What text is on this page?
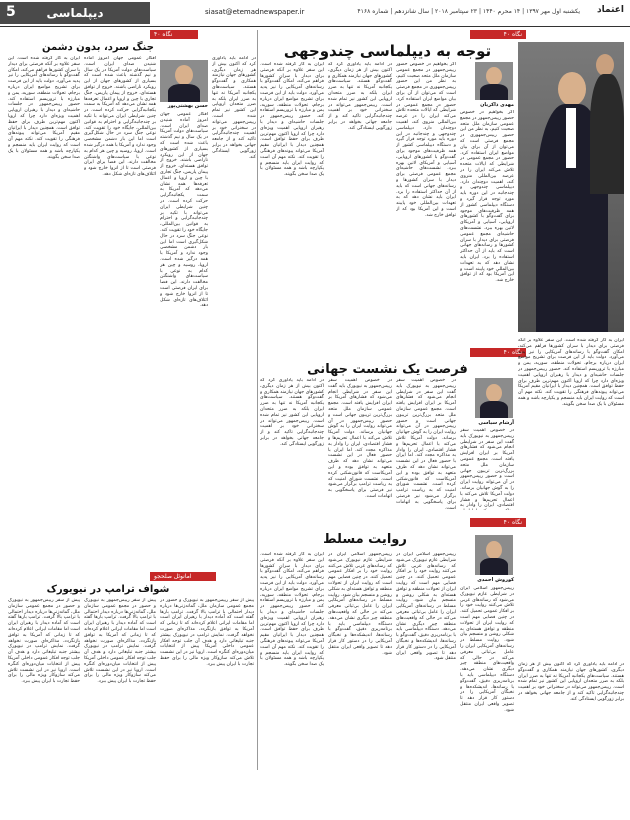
دیپلماسی
5	siasat@etemadnewspaper.ir	یکشنبه اول مهر ۱۳۹۷ | ۱۴ محرم ۱۴۴۰ | ۲۳ سپتامبر ۲۰۱۸ | سال شانزدهم | شماره ۴۱۶۸ اعتماد
نگاه ۴۰
توجه به دیپلماسی چندوجهی
مهدی ذاکریان
اگر بخواهیم در خصوص حضور رییس‌جمهور در مجمع عمومی سازمان ملل متحد صحبت کنیم، به نظر من این حضور رییس‌جمهوری در مجمع فرصتی است که می‌توان از آن برای بیان مواضع ایران استفاده کرد. حضور در مجمع عمومی در شرایطی که ایالات متحده تلاش می‌کند ایران را در عرصه بین‌المللی منزوی کند، اهمیت دوچندان دارد. دیپلماسی چندوجهی و چندجانبه در این دوره باید مورد توجه قرار گیرد و دستگاه دیپلماسی کشور از همه ظرفیت‌های موجود برای گفت‌وگو با کشورهای اروپایی، آسیایی و آمریکای لاتین بهره ببرد. نشست‌های حاشیه‌ای مجمع عمومی فرصتی برای دیدار با سران کشورها و رسانه‌های جهانی است که باید از آن حداکثر استفاده را برد. ایران باید نشان دهد که به تعهدات بین‌المللی خود پایبند است و این آمریکا بود که از توافق خارج شد.
اگر بخواهیم در خصوص حضور رییس‌جمهور در مجمع عمومی سازمان ملل متحد صحبت کنیم، به نظر من این حضور رییس‌جمهوری در مجمع فرصتی است که می‌توان از آن برای بیان مواضع ایران استفاده کرد. حضور در مجمع عمومی در شرایطی که ایالات متحده تلاش می‌کند ایران را در عرصه بین‌المللی منزوی کند، اهمیت دوچندان دارد. دیپلماسی چندوجهی و چندجانبه در این دوره باید مورد توجه قرار گیرد و دستگاه دیپلماسی کشور از همه ظرفیت‌های موجود برای گفت‌وگو با کشورهای اروپایی، آسیایی و آمریکای لاتین بهره ببرد. نشست‌های حاشیه‌ای مجمع عمومی فرصتی برای دیدار با سران کشورها و رسانه‌های جهانی است که باید از آن حداکثر استفاده را برد. ایران باید نشان دهد که به تعهدات بین‌المللی خود پایبند است و این آمریکا بود که از توافق خارج شد.
در ادامه باید یادآوری کرد که اکنون بیش از هر زمان دیگری، کشورهای جهان نیازمند همکاری و گفت‌وگو هستند. سیاست‌های یکجانبه آمریکا نه تنها به ضرر ایران بلکه به ضرر متحدان اروپایی این کشور نیز تمام شده است. رییس‌جمهور می‌تواند در سخنرانی خود بر اهمیت چندجانبه‌گرایی تاکید کند و از جامعه جهانی بخواهد در برابر زورگویی ایستادگی کند.
ایران به کار گرفته شده است. این سفر علاوه بر آنکه فرصتی برای دیدار با سران کشورها فراهم می‌کند، امکان گفت‌وگو با رسانه‌های آمریکایی را نیز پدید می‌آورد. دولت باید از این فرصت برای تشریح مواضع ایران درباره برجام، تحولات منطقه، سوریه، یمن و مبارزه با تروریسم استفاده کند. حضور رییس‌جمهور در جلسات حاشیه‌ای و دیدار با رهبران اروپایی اهمیت ویژه‌ای دارد چرا که اروپا اکنون مهم‌ترین طرف برای حفظ توافق است. همچنین دیدار با ایرانیان مقیم آمریکا می‌تواند پیوندهای فرهنگی را تقویت کند. نکته مهم آن است که روایت ایران باید منسجم و یکپارچه باشد و همه مسئولان با یک صدا سخن بگویند.
نگاه ۴۰
جنگ سرد، بدون دشمن
حسن بهشتی‌پور
افکار عمومی جهان امروز آماده شنیدن صدای ایران است. سیاست‌های دولت آمریکا در یک سال و نیم گذشته باعث شده است که بسیاری از کشورهای جهان از این رویکرد ناراضی باشند. خروج از توافق هسته‌ای، خروج از پیمان پاریس، جنگ تجاری با چین و اروپا و اعمال تعرفه‌ها همه نشان می‌دهد که آمریکا به سمت یکجانبه‌گرایی حرکت کرده است. در چنین شرایطی ایران می‌تواند با تکیه بر چندجانبه‌گرایی و احترام به قوانین بین‌المللی، جایگاه خود را تقویت کند. نوعی جنگ سرد در حال شکل‌گیری است اما این بار دشمن مشخصی وجود ندارد و آمریکا با همه درگیر شده است. اروپا، روسیه و چین هر کدام به نوعی با سیاست‌های واشنگتن مخالفت دارند. این فضا برای ایران فرصتی است تا از انزوا خارج شود و ائتلاف‌های تازه‌ای شکل دهد.
افکار عمومی جهان امروز آماده شنیدن صدای ایران است. سیاست‌های دولت آمریکا در یک سال و نیم گذشته باعث شده است که بسیاری از کشورهای جهان از این رویکرد ناراضی باشند. خروج از توافق هسته‌ای، خروج از پیمان پاریس، جنگ تجاری با چین و اروپا و اعمال تعرفه‌ها همه نشان می‌دهد که آمریکا به سمت یکجانبه‌گرایی حرکت کرده است. در چنین شرایطی ایران می‌تواند با تکیه بر چندجانبه‌گرایی و احترام به قوانین بین‌المللی، جایگاه خود را تقویت کند. نوعی جنگ سرد در حال شکل‌گیری است اما این بار دشمن مشخصی وجود ندارد و آمریکا با همه درگیر شده است. اروپا، روسیه و چین هر کدام به نوعی با سیاست‌های واشنگتن مخالفت دارند. این فضا برای ایران فرصتی است تا از انزوا خارج شود و ائتلاف‌های تازه‌ای شکل دهد.
ایران به کار گرفته شده است. این سفر علاوه بر آنکه فرصتی برای دیدار با سران کشورها فراهم می‌کند، امکان گفت‌وگو با رسانه‌های آمریکایی را نیز پدید می‌آورد. دولت باید از این فرصت برای تشریح مواضع ایران درباره برجام، تحولات منطقه، سوریه، یمن و مبارزه با تروریسم استفاده کند. حضور رییس‌جمهور در جلسات حاشیه‌ای و دیدار با رهبران اروپایی اهمیت ویژه‌ای دارد چرا که اروپا اکنون مهم‌ترین طرف برای حفظ توافق است. همچنین دیدار با ایرانیان مقیم آمریکا می‌تواند پیوندهای فرهنگی را تقویت کند. نکته مهم آن است که روایت ایران باید منسجم و یکپارچه باشد و همه مسئولان با یک صدا سخن بگویند.
در ادامه باید یادآوری کرد که اکنون بیش از هر زمان دیگری، کشورهای جهان نیازمند همکاری و گفت‌وگو هستند. سیاست‌های یکجانبه آمریکا نه تنها به ضرر ایران بلکه به ضرر متحدان اروپایی این کشور نیز تمام شده است. رییس‌جمهور می‌تواند در سخنرانی خود بر اهمیت چندجانبه‌گرایی تاکید کند و از جامعه جهانی بخواهد در برابر زورگویی ایستادگی کند.
نگاه ۴۰
فرصت یک نشست جهانی
آرشام سیاسی
در خصوص اهمیت سفر رییس‌جمهور به نیویورک باید گفت این سفر در شرایطی انجام می‌شود که فشارهای آمریکا بر ایران افزایش یافته است. مجمع عمومی سازمان ملل متحد بزرگ‌ترین تریبون جهانی است و حضور رییس‌جمهور در آن می‌تواند روایت ایران را به گوش جهانیان برساند. دولت آمریکا تلاش می‌کند با اعمال تحریم‌ها و فشار اقتصادی، ایران را وادار به
در خصوص اهمیت سفر رییس‌جمهور به نیویورک باید گفت این سفر در شرایطی انجام می‌شود که فشارهای آمریکا بر ایران افزایش یافته است. مجمع عمومی سازمان ملل متحد بزرگ‌ترین تریبون جهانی است و حضور رییس‌جمهور در آن می‌تواند روایت ایران را به گوش جهانیان برساند. دولت آمریکا تلاش می‌کند با اعمال تحریم‌ها و فشار اقتصادی، ایران را وادار به مذاکره مجدد کند. اما ایران با حضور فعال در این نشست می‌تواند نشان دهد که طرف متعهد به توافق بوده و این آمریکاست که قانون‌شکنی کرده است. نشست شورای امنیت که به ریاست ترامپ برگزار می‌شود نیز فرصتی برای پاسخگویی به اتهامات است.
در خصوص اهمیت سفر رییس‌جمهور به نیویورک باید گفت این سفر در شرایطی انجام می‌شود که فشارهای آمریکا بر ایران افزایش یافته است. مجمع عمومی سازمان ملل متحد بزرگ‌ترین تریبون جهانی است و حضور رییس‌جمهور در آن می‌تواند روایت ایران را به گوش جهانیان برساند. دولت آمریکا تلاش می‌کند با اعمال تحریم‌ها و فشار اقتصادی، ایران را وادار به مذاکره مجدد کند. اما ایران با حضور فعال در این نشست می‌تواند نشان دهد که طرف متعهد به توافق بوده و این آمریکاست که قانون‌شکنی کرده است. نشست شورای امنیت که به ریاست ترامپ برگزار می‌شود نیز فرصتی برای پاسخگویی به اتهامات است.
در ادامه باید یادآوری کرد که اکنون بیش از هر زمان دیگری، کشورهای جهان نیازمند همکاری و گفت‌وگو هستند. سیاست‌های یکجانبه آمریکا نه تنها به ضرر ایران بلکه به ضرر متحدان اروپایی این کشور نیز تمام شده است. رییس‌جمهور می‌تواند در سخنرانی خود بر اهمیت چندجانبه‌گرایی تاکید کند و از جامعه جهانی بخواهد در برابر زورگویی ایستادگی کند.
نگاه ۴۰
روایت مسلط
کوروش احمدی
رییس‌جمهور اسلامی ایران در شرایطی عازم نیویورک می‌شود که رسانه‌های غربی تلاش می‌کنند روایت خود را بر افکار عمومی تحمیل کنند. در چنین فضایی مهم است که روایت ایران از تحولات منطقه و توافق هسته‌ای به شکلی روشن و منسجم بیان شود. روایت مسلط در رسانه‌های آمریکایی ایران را عامل بی‌ثباتی معرفی می‌کند در حالی که واقعیت‌های منطقه چیز دیگری نشان می‌دهد. دستگاه دیپلماسی باید با برنامه‌ریزی دقیق، گفت‌وگو با رسانه‌ها، اندیشکده‌ها و نخبگان آمریکایی را در دستور کار قرار دهد تا تصویر واقعی ایران منتقل شود.
رییس‌جمهور اسلامی ایران در شرایطی عازم نیویورک می‌شود که رسانه‌های غربی تلاش می‌کنند روایت خود را بر افکار عمومی تحمیل کنند. در چنین فضایی مهم است که روایت ایران از تحولات منطقه و توافق هسته‌ای به شکلی روشن و منسجم بیان شود. روایت مسلط در رسانه‌های آمریکایی ایران را عامل بی‌ثباتی معرفی می‌کند در حالی که واقعیت‌های منطقه چیز دیگری نشان می‌دهد. دستگاه دیپلماسی باید با برنامه‌ریزی دقیق، گفت‌وگو با رسانه‌ها، اندیشکده‌ها و نخبگان آمریکایی را در دستور کار قرار دهد تا تصویر واقعی ایران منتقل شود.
رییس‌جمهور اسلامی ایران در شرایطی عازم نیویورک می‌شود که رسانه‌های غربی تلاش می‌کنند روایت خود را بر افکار عمومی تحمیل کنند. در چنین فضایی مهم است که روایت ایران از تحولات منطقه و توافق هسته‌ای به شکلی روشن و منسجم بیان شود. روایت مسلط در رسانه‌های آمریکایی ایران را عامل بی‌ثباتی معرفی می‌کند در حالی که واقعیت‌های منطقه چیز دیگری نشان می‌دهد. دستگاه دیپلماسی باید با برنامه‌ریزی دقیق، گفت‌وگو با رسانه‌ها، اندیشکده‌ها و نخبگان آمریکایی را در دستور کار قرار دهد تا تصویر واقعی ایران منتقل شود.
ایران به کار گرفته شده است. این سفر علاوه بر آنکه فرصتی برای دیدار با سران کشورها فراهم می‌کند، امکان گفت‌وگو با رسانه‌های آمریکایی را نیز پدید می‌آورد. دولت باید از این فرصت برای تشریح مواضع ایران درباره برجام، تحولات منطقه، سوریه، یمن و مبارزه با تروریسم استفاده کند. حضور رییس‌جمهور در جلسات حاشیه‌ای و دیدار با رهبران اروپایی اهمیت ویژه‌ای دارد چرا که اروپا اکنون مهم‌ترین طرف برای حفظ توافق است. همچنین دیدار با ایرانیان مقیم آمریکا می‌تواند پیوندهای فرهنگی را تقویت کند. نکته مهم آن است که روایت ایران باید منسجم و یکپارچه باشد و همه مسئولان با یک صدا سخن بگویند.
ایران به کار گرفته شده است. این سفر علاوه بر آنکه فرصتی برای دیدار با سران کشورها فراهم می‌کند، امکان گفت‌وگو با رسانه‌های آمریکایی را نیز پدید می‌آورد. دولت باید از این فرصت برای تشریح مواضع ایران درباره برجام، تحولات منطقه، سوریه، یمن و مبارزه با تروریسم استفاده کند. حضور رییس‌جمهور در جلسات حاشیه‌ای و دیدار با رهبران اروپایی اهمیت ویژه‌ای دارد چرا که اروپا اکنون مهم‌ترین طرف برای حفظ توافق است. همچنین دیدار با ایرانیان مقیم آمریکا می‌تواند پیوندهای فرهنگی را تقویت کند. نکته مهم آن است که روایت ایران باید منسجم و یکپارچه باشد و همه مسئولان با یک صدا سخن بگویند.
در ادامه باید یادآوری کرد که اکنون بیش از هر زمان دیگری، کشورهای جهان نیازمند همکاری و گفت‌وگو هستند. سیاست‌های یکجانبه آمریکا نه تنها به ضرر ایران بلکه به ضرر متحدان اروپایی این کشور نیز تمام شده است. رییس‌جمهور می‌تواند در سخنرانی خود بر اهمیت چندجانبه‌گرایی تاکید کند و از جامعه جهانی بخواهد در برابر زورگویی ایستادگی کند.
امانوئل صلحجو
شواف ترامپ در نیویورک
پیش از سفر رییس‌جمهور به نیویورک و حضور در مجمع عمومی سازمان ملل، گمانه‌زنی‌ها درباره دیدار احتمالی با ترامپ بالا گرفت. ترامپ بارها گفته است که آماده دیدار با رهبران ایران است اما مقامات ایرانی اعلام کرده‌اند که تا زمانی که آمریکا به توافق بازنگردد، مذاکره‌ای صورت نخواهد گرفت. نمایش ترامپ در نیویورک بیشتر جنبه تبلیغاتی دارد و هدف آن جلب توجه افکار عمومی داخلی آمریکا پیش از انتخابات میان‌دوره‌ای کنگره است. اروپا نیز در این نشست تلاش می‌کند سازوکار ویژه مالی را برای حفظ تجارت با ایران پیش ببرد.
پیش از سفر رییس‌جمهور به نیویورک و حضور در مجمع عمومی سازمان ملل، گمانه‌زنی‌ها درباره دیدار احتمالی با ترامپ بالا گرفت. ترامپ بارها گفته است که آماده دیدار با رهبران ایران است اما مقامات ایرانی اعلام کرده‌اند که تا زمانی که آمریکا به توافق بازنگردد، مذاکره‌ای صورت نخواهد گرفت. نمایش ترامپ در نیویورک بیشتر جنبه تبلیغاتی دارد و هدف آن جلب توجه افکار عمومی داخلی آمریکا پیش از انتخابات میان‌دوره‌ای کنگره است. اروپا نیز در این نشست تلاش می‌کند سازوکار ویژه مالی را برای حفظ تجارت با ایران پیش ببرد.
پیش از سفر رییس‌جمهور به نیویورک و حضور در مجمع عمومی سازمان ملل، گمانه‌زنی‌ها درباره دیدار احتمالی با ترامپ بالا گرفت. ترامپ بارها گفته است که آماده دیدار با رهبران ایران است اما مقامات ایرانی اعلام کرده‌اند که تا زمانی که آمریکا به توافق بازنگردد، مذاکره‌ای صورت نخواهد گرفت. نمایش ترامپ در نیویورک بیشتر جنبه تبلیغاتی دارد و هدف آن جلب توجه افکار عمومی داخلی آمریکا پیش از انتخابات میان‌دوره‌ای کنگره است. اروپا نیز در این نشست تلاش می‌کند سازوکار ویژه مالی را برای حفظ تجارت با ایران پیش ببرد.
